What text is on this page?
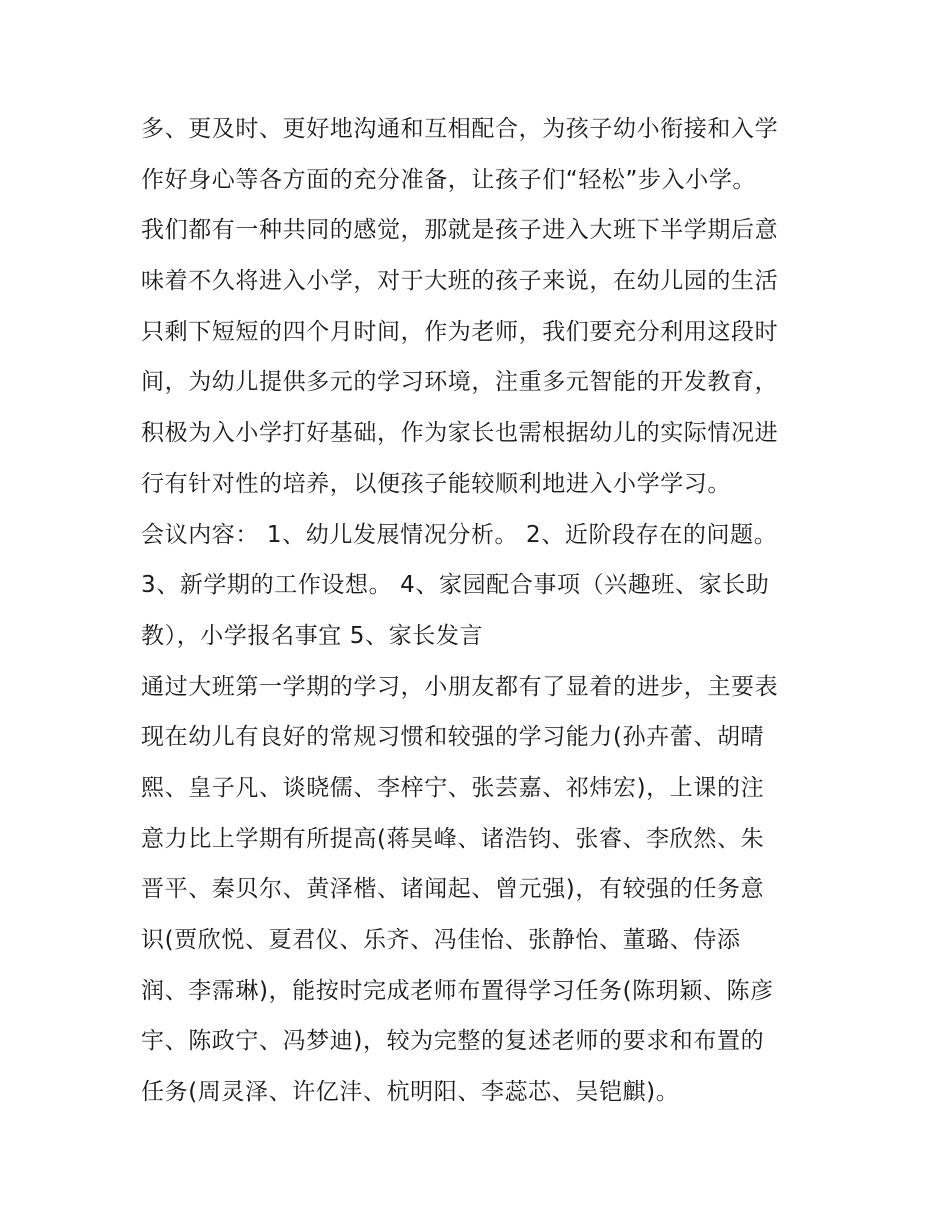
多、更及时、更好地沟通和互相配合，为孩子幼小衔接和入学
作好身心等各方面的充分准备，让孩子们“轻松”步入小学。
我们都有一种共同的感觉，那就是孩子进入大班下半学期后意
味着不久将进入小学，对于大班的孩子来说，在幼儿园的生活
只剩下短短的四个月时间，作为老师，我们要充分利用这段时
间，为幼儿提供多元的学习环境，注重多元智能的开发教育，
积极为入小学打好基础，作为家长也需根据幼儿的实际情况进
行有针对性的培养，以便孩子能较顺利地进入小学学习。
会议内容： 1、幼儿发展情况分析。 2、近阶段存在的问题。
3、新学期的工作设想。 4、家园配合事项（兴趣班、家长助
教），小学报名事宜 5、家长发言
通过大班第一学期的学习，小朋友都有了显着的进步，主要表
现在幼儿有良好的常规习惯和较强的学习能力(孙卉蕾、胡晴
熙、皇子凡、谈晓儒、李梓宁、张芸嘉、祁炜宏)，上课的注
意力比上学期有所提高(蒋昊峰、诸浩钧、张睿、李欣然、朱
晋平、秦贝尔、黄泽楷、诸闻起、曾元强)，有较强的任务意
识(贾欣悦、夏君仪、乐齐、冯佳怡、张静怡、董璐、侍添
润、李霈琳)，能按时完成老师布置得学习任务(陈玥颖、陈彦
宇、陈政宁、冯梦迪)，较为完整的复述老师的要求和布置的
任务(周灵泽、许亿沣、杭明阳、李蕊芯、吴铠麒)。
